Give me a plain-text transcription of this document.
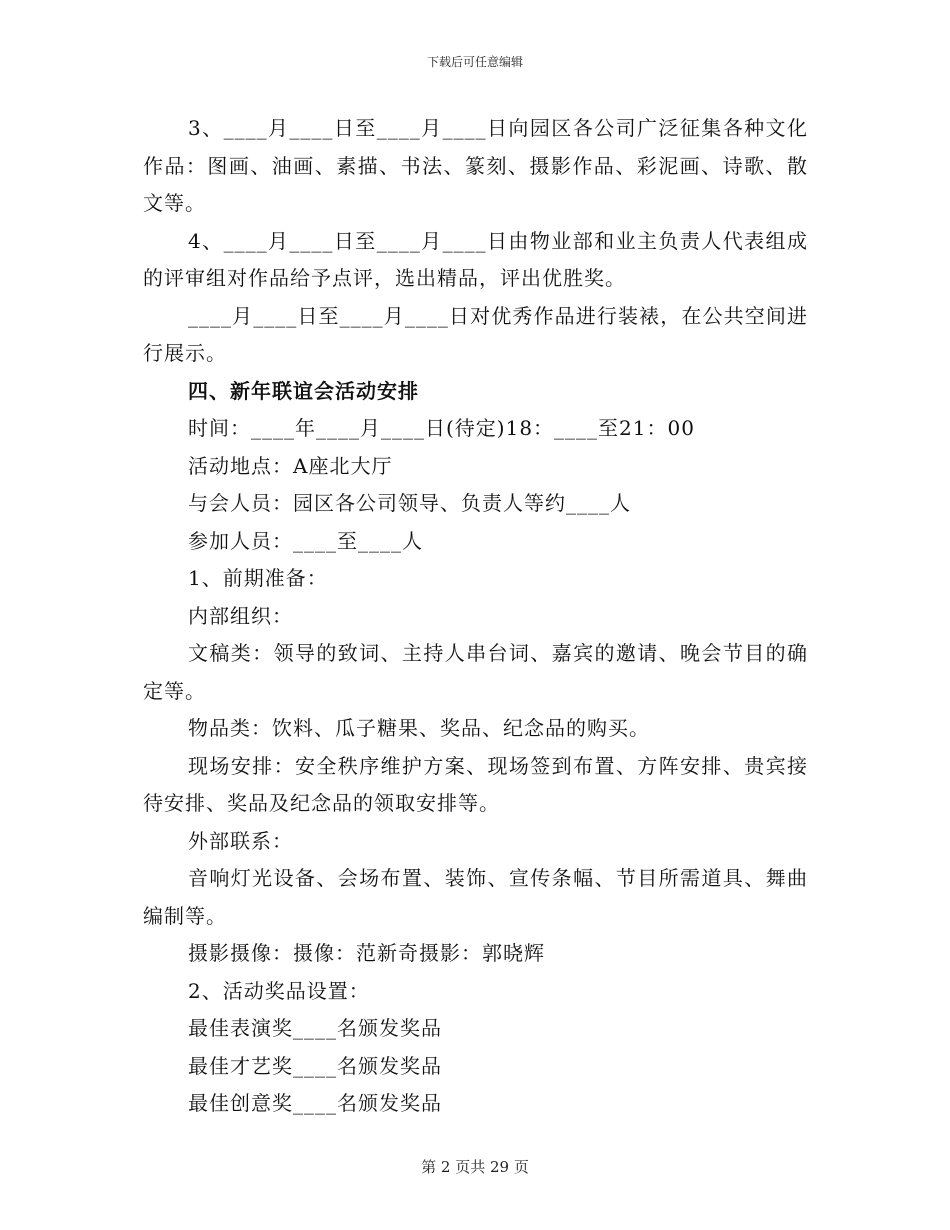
下载后可任意编辑

3、____月____日至____月____日向园区各公司广泛征集各种文化作品：图画、油画、素描、书法、篆刻、摄影作品、彩泥画、诗歌、散文等。

4、____月____日至____月____日由物业部和业主负责人代表组成的评审组对作品给予点评，选出精品，评出优胜奖。

____月____日至____月____日对优秀作品进行装裱，在公共空间进行展示。

四、新年联谊会活动安排

时间：____年____月____日(待定)18：____至21：00

活动地点：A座北大厅

与会人员：园区各公司领导、负责人等约____人

参加人员：____至____人

1、前期准备：

内部组织：

文稿类：领导的致词、主持人串台词、嘉宾的邀请、晚会节目的确定等。

物品类：饮料、瓜子糖果、奖品、纪念品的购买。

现场安排：安全秩序维护方案、现场签到布置、方阵安排、贵宾接待安排、奖品及纪念品的领取安排等。

外部联系：

音响灯光设备、会场布置、装饰、宣传条幅、节目所需道具、舞曲编制等。

摄影摄像：摄像：范新奇摄影：郭晓辉

2、活动奖品设置：

最佳表演奖____名颁发奖品

最佳才艺奖____名颁发奖品

最佳创意奖____名颁发奖品

第 2 页共 29 页
